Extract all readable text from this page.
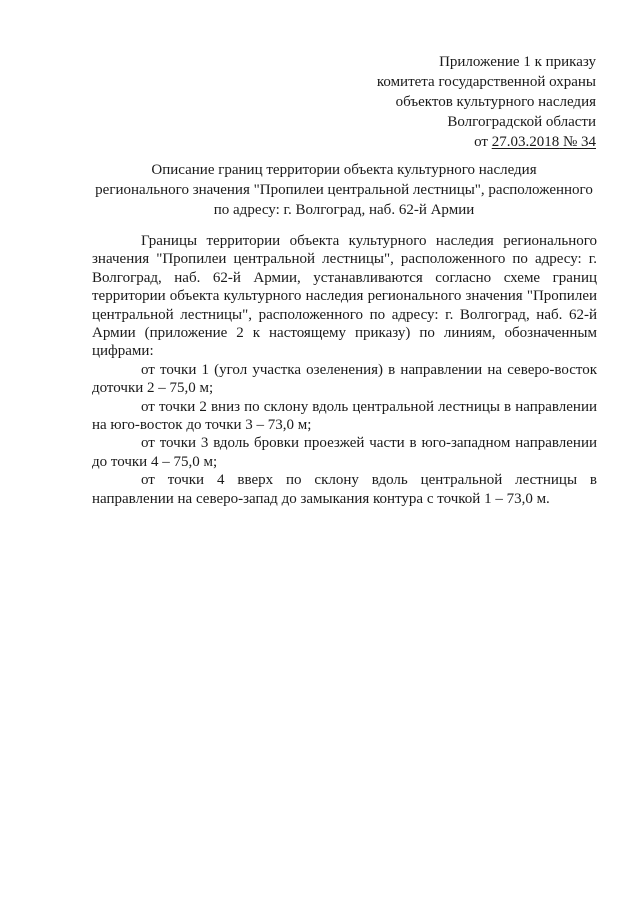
Приложение 1 к приказу
комитета государственной охраны
объектов культурного наследия
Волгоградской области
от 27.03.2018 № 34
Описание границ территории объекта культурного наследия
регионального значения "Пропилеи центральной лестницы", расположенного
по адресу: г. Волгоград, наб. 62-й Армии

Границы территории объекта культурного наследия регионального значения "Пропилеи центральной лестницы", расположенного по адресу: г. Волгоград, наб. 62-й Армии, устанавливаются согласно схеме границ территории объекта культурного наследия регионального значения "Пропилеи центральной лестницы", расположенного по адресу: г. Волгоград, наб. 62-й Армии (приложение 2 к настоящему приказу) по линиям, обозначенным цифрами:

от точки 1 (угол участка озеленения) в направлении на северо-восток доточки 2 – 75,0 м;

от точки 2 вниз по склону вдоль центральной лестницы в направлении на юго-восток до точки 3 – 73,0 м;

от точки 3 вдоль бровки проезжей части в юго-западном направлении до точки 4 – 75,0 м;

от точки 4 вверх по склону вдоль центральной лестницы в направлении на северо-запад до замыкания контура с точкой 1 – 73,0 м.
